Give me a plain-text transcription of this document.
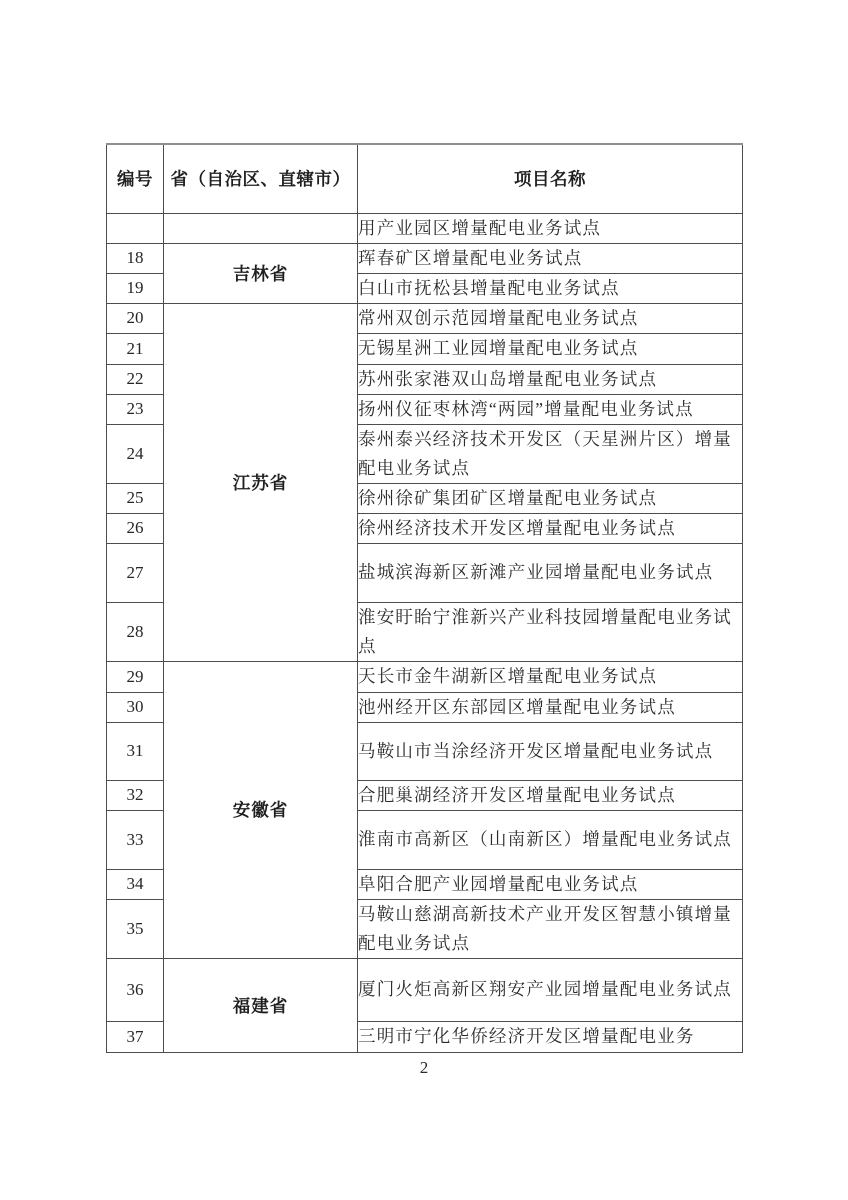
编号	省（自治区、直辖市）	项目名称
		用产业园区增量配电业务试点
18	吉林省	珲春矿区增量配电业务试点
19		白山市抚松县增量配电业务试点
20	江苏省	常州双创示范园增量配电业务试点
21		无锡星洲工业园增量配电业务试点
22		苏州张家港双山岛增量配电业务试点
23		扬州仪征枣林湾“两园”增量配电业务试点
24		泰州泰兴经济技术开发区（天星洲片区）增量配电业务试点
25		徐州徐矿集团矿区增量配电业务试点
26		徐州经济技术开发区增量配电业务试点
27		盐城滨海新区新滩产业园增量配电业务试点
28		淮安盱眙宁淮新兴产业科技园增量配电业务试点
29	安徽省	天长市金牛湖新区增量配电业务试点
30		池州经开区东部园区增量配电业务试点
31		马鞍山市当涂经济开发区增量配电业务试点
32		合肥巢湖经济开发区增量配电业务试点
33		淮南市高新区（山南新区）增量配电业务试点
34		阜阳合肥产业园增量配电业务试点
35		马鞍山慈湖高新技术产业开发区智慧小镇增量配电业务试点
36	福建省	厦门火炬高新区翔安产业园增量配电业务试点
37		三明市宁化华侨经济开发区增量配电业务
2
